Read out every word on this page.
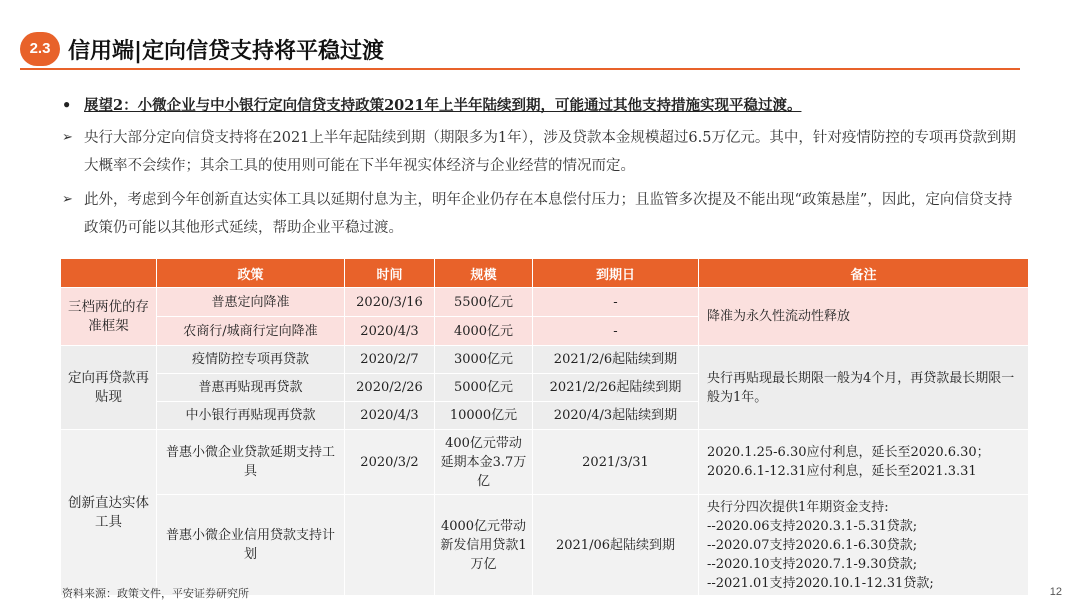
2.3 信用端|定向信贷支持将平稳过渡
• 展望2：小微企业与中小银行定向信贷支持政策2021年上半年陆续到期，可能通过其他支持措施实现平稳过渡。
➢ 央行大部分定向信贷支持将在2021上半年起陆续到期（期限多为1年），涉及贷款本金规模超过6.5万亿元。其中，针对疫情防控的专项再贷款到期大概率不会续作；其余工具的使用则可能在下半年视实体经济与企业经营的情况而定。
➢ 此外，考虑到今年创新直达实体工具以延期付息为主，明年企业仍存在本息偿付压力；且监管多次提及不能出现“政策悬崖”，因此，定向信贷支持政策仍可能以其他形式延续，帮助企业平稳过渡。
	政策	时间	规模	到期日	备注
三档两优的存准框架	普惠定向降准	2020/3/16	5500亿元	-	降准为永久性流动性释放
	农商行/城商行定向降准	2020/4/3	4000亿元	-	
定向再贷款再贴现	疫情防控专项再贷款	2020/2/7	3000亿元	2021/2/6起陆续到期	央行再贴现最长期限一般为4个月，再贷款最长期限一般为1年。
	普惠再贴现再贷款	2020/2/26	5000亿元	2021/2/26起陆续到期	
	中小银行再贴现再贷款	2020/4/3	10000亿元	2020/4/3起陆续到期	
创新直达实体工具	普惠小微企业贷款延期支持工具	2020/3/2	400亿元带动延期本金3.7万亿	2021/3/31	2020.1.25-6.30应付利息，延长至2020.6.30；
2020.6.1-12.31应付利息，延长至2021.3.31

	普惠小微企业信用贷款支持计划		4000亿元带动新发信用贷款1万亿	2021/06起陆续到期	央行分四次提供1年期资金支持:
--2020.06支持2020.3.1-5.31贷款;
--2020.07支持2020.6.1-6.30贷款;
--2020.10支持2020.7.1-9.30贷款;
--2021.01支持2020.10.1-12.31贷款;
资料来源：政策文件，平安证券研究所	12
